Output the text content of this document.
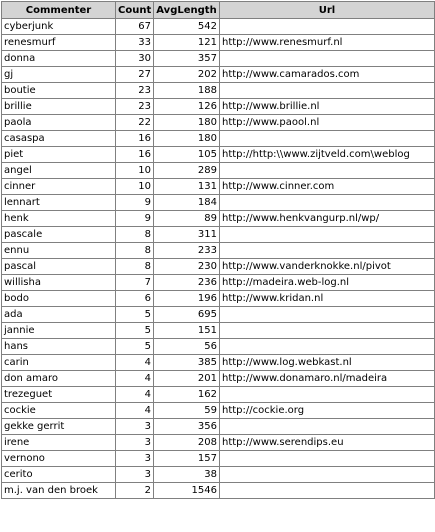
Commenter	Count	AvgLength	Url
cyberjunk	67	542	
renesmurf	33	121	http://www.renesmurf.nl
donna	30	357	
gj	27	202	http://www.camarados.com
boutie	23	188	
brillie	23	126	http://www.brillie.nl
paola	22	180	http://www.paool.nl
casaspa	16	180	
piet	16	105	http://http:\\www.zijtveld.com\weblog
angel	10	289	
cinner	10	131	http://www.cinner.com
lennart	9	184	
henk	9	89	http://www.henkvangurp.nl/wp/
pascale	8	311	
ennu	8	233	
pascal	8	230	http://www.vanderknokke.nl/pivot
willisha	7	236	http://madeira.web-log.nl
bodo	6	196	http://www.kridan.nl
ada	5	695	
jannie	5	151	
hans	5	56	
carin	4	385	http://www.log.webkast.nl
don amaro	4	201	http://www.donamaro.nl/madeira
trezeguet	4	162	
cockie	4	59	http://cockie.org
gekke gerrit	3	356	
irene	3	208	http://www.serendips.eu
vernono	3	157	
cerito	3	38	
m.j. van den broek	2	1546	
